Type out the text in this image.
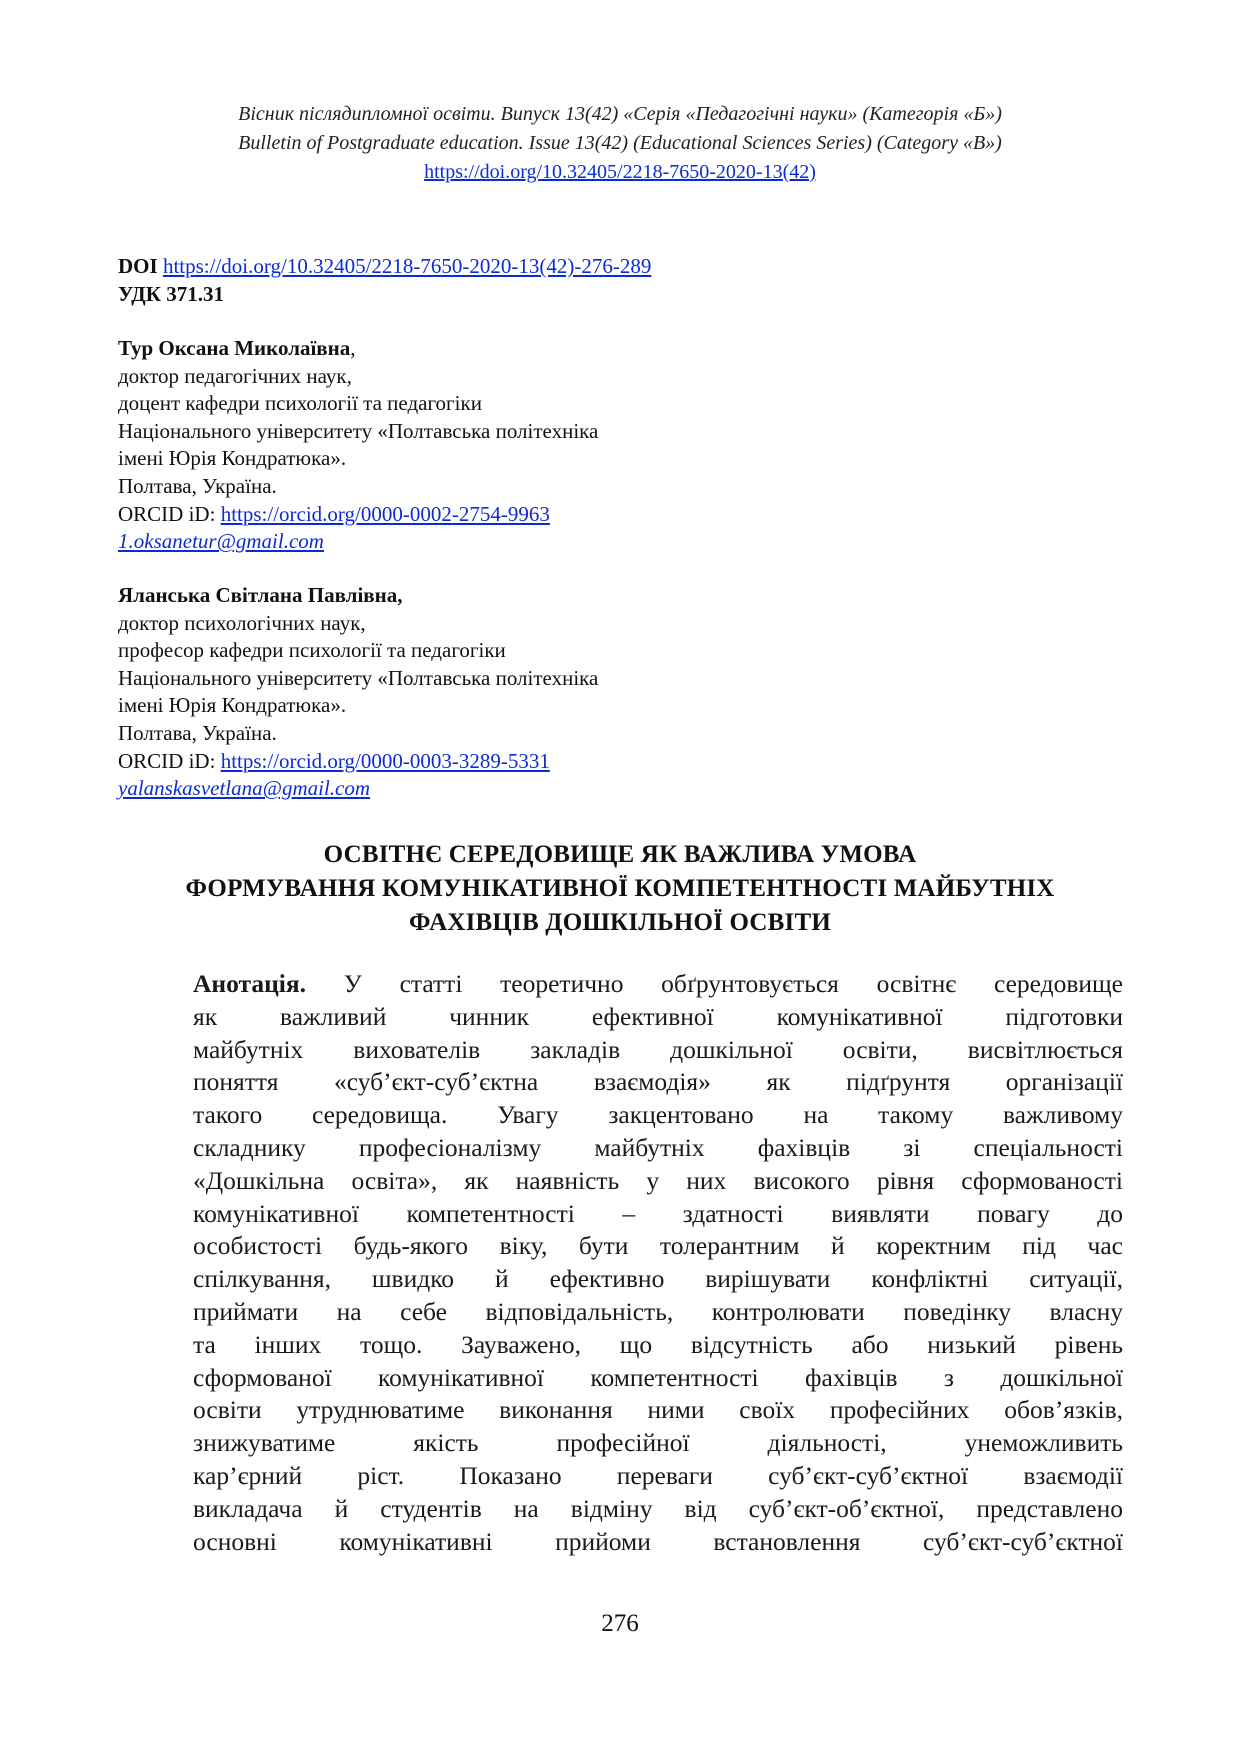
Вісник післядипломної освіти. Випуск 13(42) «Серія «Педагогічні науки» (Категорія «Б»)
Bulletin of Postgraduate education. Issue 13(42) (Educational Sciences Series) (Category «B»)
https://doi.org/10.32405/2218-7650-2020-13(42)
DOI https://doi.org/10.32405/2218-7650-2020-13(42)-276-289
УДК 371.31
Тур Оксана Миколаївна,
доктор педагогічних наук,
доцент кафедри психології та педагогіки
Національного університету «Полтавська політехніка
імені Юрія Кондратюка».
Полтава, Україна.
ORCID iD: https://orcid.org/0000-0002-2754-9963
1.oksanetur@gmail.com
Яланська Світлана Павлівна,
доктор психологічних наук,
професор кафедри психології та педагогіки
Національного університету «Полтавська політехніка
імені Юрія Кондратюка».
Полтава, Україна.
ORCID iD: https://orcid.org/0000-0003-3289-5331
yalanskasvetlana@gmail.com
ОСВІТНЄ СЕРЕДОВИЩЕ ЯК ВАЖЛИВА УМОВА
ФОРМУВАННЯ КОМУНІКАТИВНОЇ КОМПЕТЕНТНОСТІ МАЙБУТНІХ
ФАХІВЦІВ ДОШКІЛЬНОЇ ОСВІТИ
Анотація. У статті теоретично обґрунтовується освітнє середовище
як важливий чинник ефективної комунікативної підготовки
майбутніх вихователів закладів дошкільної освіти, висвітлюється
поняття «суб’єкт-суб’єктна взаємодія» як підґрунтя організації
такого середовища. Увагу закцентовано на такому важливому
складнику професіоналізму майбутніх фахівців зі спеціальності
«Дошкільна освіта», як наявність у них високого рівня сформованості
комунікативної компетентності – здатності виявляти повагу до
особистості будь-якого віку, бути толерантним й коректним під час
спілкування, швидко й ефективно вирішувати конфліктні ситуації,
приймати на себе відповідальність, контролювати поведінку власну
та інших тощо. Зауважено, що відсутність або низький рівень
сформованої комунікативної компетентності фахівців з дошкільної
освіти утруднюватиме виконання ними своїх професійних обов’язків,
знижуватиме якість професійної діяльності, унеможливить
кар’єрний ріст. Показано переваги суб’єкт-суб’єктної взаємодії
викладача й студентів на відміну від суб’єкт-об’єктної, представлено
основні комунікативні прийоми встановлення суб’єкт-суб’єктної
276
